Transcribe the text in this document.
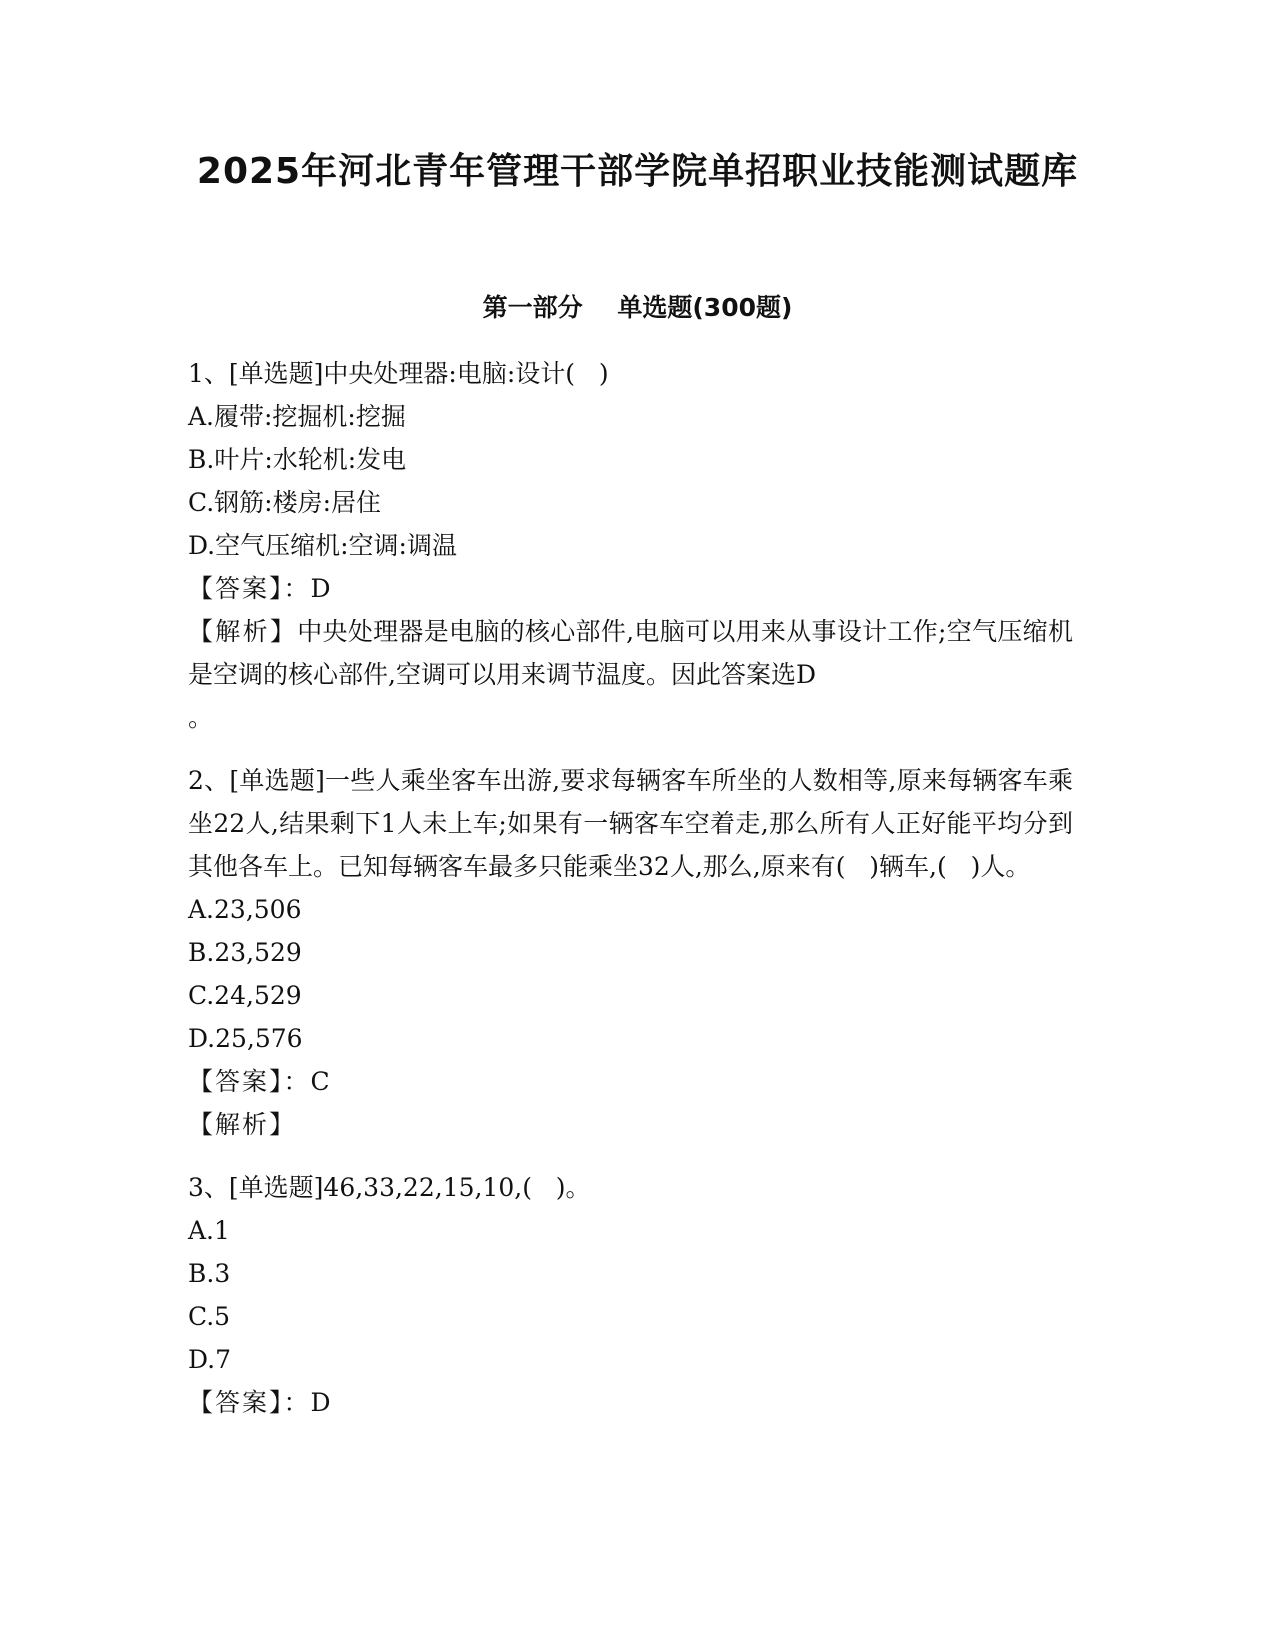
2025年河北青年管理干部学院单招职业技能测试题库
第一部分    单选题(300题)
1、[单选题]中央处理器:电脑:设计(   )
A.履带:挖掘机:挖掘
B.叶片:水轮机:发电
C.钢筋:楼房:居住
D.空气压缩机:空调:调温
【答案】：D
【解析】中央处理器是电脑的核心部件,电脑可以用来从事设计工作;空气压缩机是空调的核心部件,空调可以用来调节温度。因此答案选D
。
2、[单选题]一些人乘坐客车出游,要求每辆客车所坐的人数相等,原来每辆客车乘坐22人,结果剩下1人未上车;如果有一辆客车空着走,那么所有人正好能平均分到其他各车上。已知每辆客车最多只能乘坐32人,那么,原来有(   )辆车,(   )人。
A.23,506
B.23,529
C.24,529
D.25,576
【答案】：C
【解析】
3、[单选题]46,33,22,15,10,(   )。
A.1
B.3
C.5
D.7
【答案】：D
